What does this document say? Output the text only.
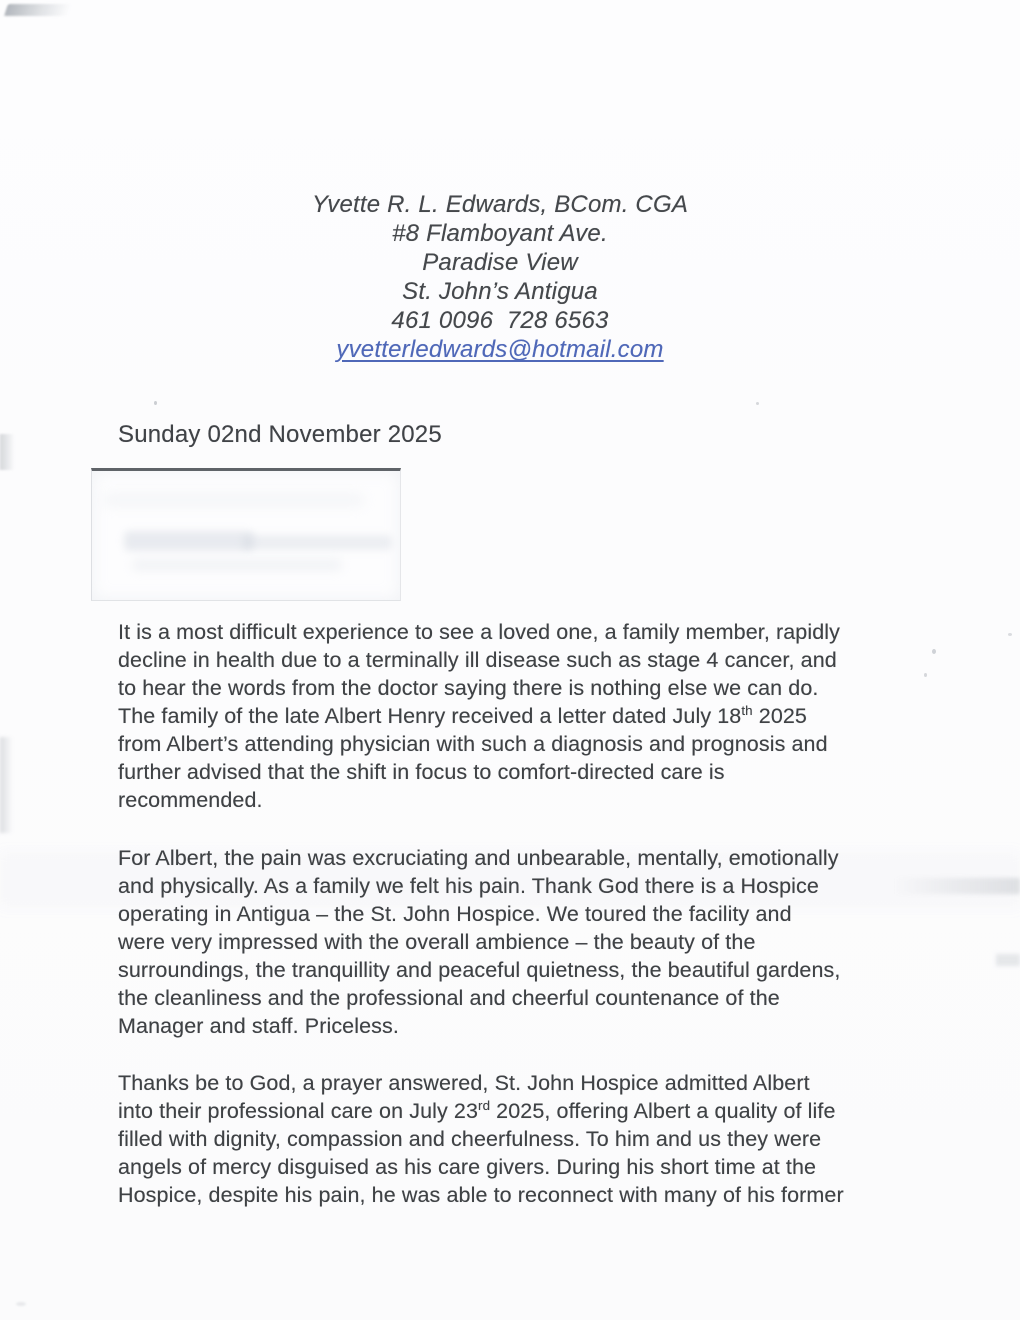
Yvette R. L. Edwards, BCom. CGA
#8 Flamboyant Ave.
Paradise View
St. John’s Antigua
461 0096  728 6563
yvetterledwards@hotmail.com
Sunday 02nd November 2025
It is a most difficult experience to see a loved one, a family member, rapidly
decline in health due to a terminally ill disease such as stage 4 cancer, and
to hear the words from the doctor saying there is nothing else we can do.
The family of the late Albert Henry received a letter dated July 18th 2025
from Albert’s attending physician with such a diagnosis and prognosis and
further advised that the shift in focus to comfort-directed care is
recommended.
For Albert, the pain was excruciating and unbearable, mentally, emotionally
and physically. As a family we felt his pain. Thank God there is a Hospice
operating in Antigua – the St. John Hospice. We toured the facility and
were very impressed with the overall ambience – the beauty of the
surroundings, the tranquillity and peaceful quietness, the beautiful gardens,
the cleanliness and the professional and cheerful countenance of the
Manager and staff. Priceless.
Thanks be to God, a prayer answered, St. John Hospice admitted Albert
into their professional care on July 23rd 2025, offering Albert a quality of life
filled with dignity, compassion and cheerfulness. To him and us they were
angels of mercy disguised as his care givers. During his short time at the
Hospice, despite his pain, he was able to reconnect with many of his former
